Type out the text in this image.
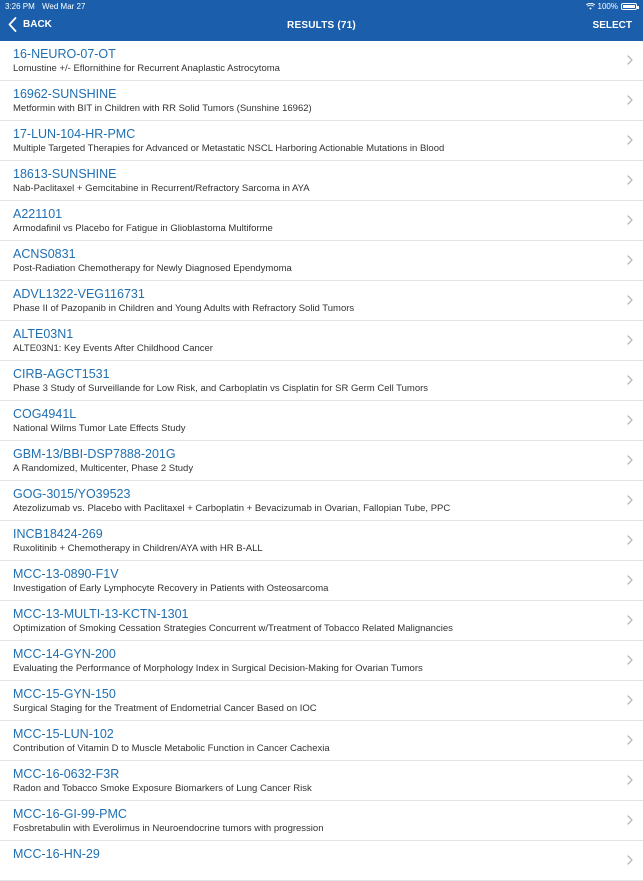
3:26 PM Wed Mar 27	100%
BACK	RESULTS (71)	SELECT
16-NEURO-07-OT
Lomustine +/- Eflornithine for Recurrent Anaplastic Astrocytoma
16962-SUNSHINE
Metformin with BIT in Children with RR Solid Tumors (Sunshine 16962)
17-LUN-104-HR-PMC
Multiple Targeted Therapies for Advanced or Metastatic NSCL Harboring Actionable Mutations in Blood
18613-SUNSHINE
Nab-Paclitaxel + Gemcitabine in Recurrent/Refractory Sarcoma in AYA
A221101
Armodafinil vs Placebo for Fatigue in Glioblastoma Multiforme
ACNS0831
Post-Radiation Chemotherapy for Newly Diagnosed Ependymoma
ADVL1322-VEG116731
Phase II of Pazopanib in Children and Young Adults with Refractory Solid Tumors
ALTE03N1
ALTE03N1: Key Events After Childhood Cancer
CIRB-AGCT1531
Phase 3 Study of Surveillande for Low Risk, and Carboplatin vs Cisplatin for SR Germ Cell Tumors
COG4941L
National Wilms Tumor Late Effects Study
GBM-13/BBI-DSP7888-201G
A Randomized, Multicenter, Phase 2 Study
GOG-3015/YO39523
Atezolizumab vs. Placebo with Paclitaxel + Carboplatin + Bevacizumab in Ovarian, Fallopian Tube, PPC
INCB18424-269
Ruxolitinib + Chemotherapy in Children/AYA with HR B-ALL
MCC-13-0890-F1V
Investigation of Early Lymphocyte Recovery in Patients with Osteosarcoma
MCC-13-MULTI-13-KCTN-1301
Optimization of Smoking Cessation Strategies Concurrent w/Treatment of Tobacco Related Malignancies
MCC-14-GYN-200
Evaluating the Performance of Morphology Index in Surgical Decision-Making for Ovarian Tumors
MCC-15-GYN-150
Surgical Staging for the Treatment of Endometrial Cancer Based on IOC
MCC-15-LUN-102
Contribution of Vitamin D to Muscle Metabolic Function in Cancer Cachexia
MCC-16-0632-F3R
Radon and Tobacco Smoke Exposure Biomarkers of Lung Cancer Risk
MCC-16-GI-99-PMC
Fosbretabulin with Everolimus in Neuroendocrine tumors with progression
MCC-16-HN-29
